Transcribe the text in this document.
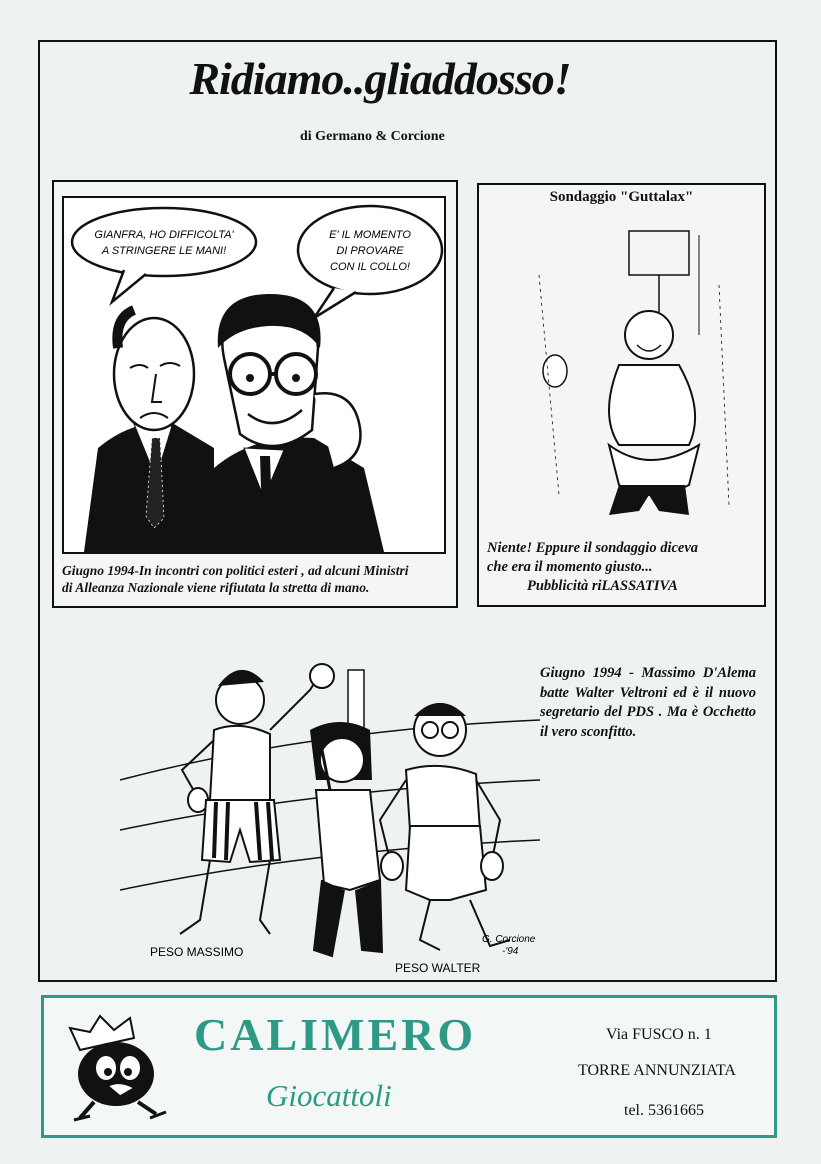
Ridiamo..gliaddosso!
di Germano & Corcione
GIANFRA, HO DIFFICOLTA'
A STRINGERE LE MANI!
E' IL MOMENTO
DI PROVARE
CON IL COLLO!
Giugno 1994-In incontri con politici esteri , ad alcuni Ministri
di Alleanza Nazionale viene rifiutata la stretta di mano.
Sondaggio "Guttalax"
Niente! Eppure il sondaggio diceva
che era il momento giusto...
Pubblicità riLASSATIVA
PESO MASSIMO
PESO WALTER
G. Corcione
-'94
Giugno 1994 - Massimo D'Alema batte Walter Veltroni ed è il nuovo segretario del PDS . Ma è Occhetto il vero sconfitto.
CALIMERO
Giocattoli
Via FUSCO n. 1
TORRE ANNUNZIATA
tel. 5361665
